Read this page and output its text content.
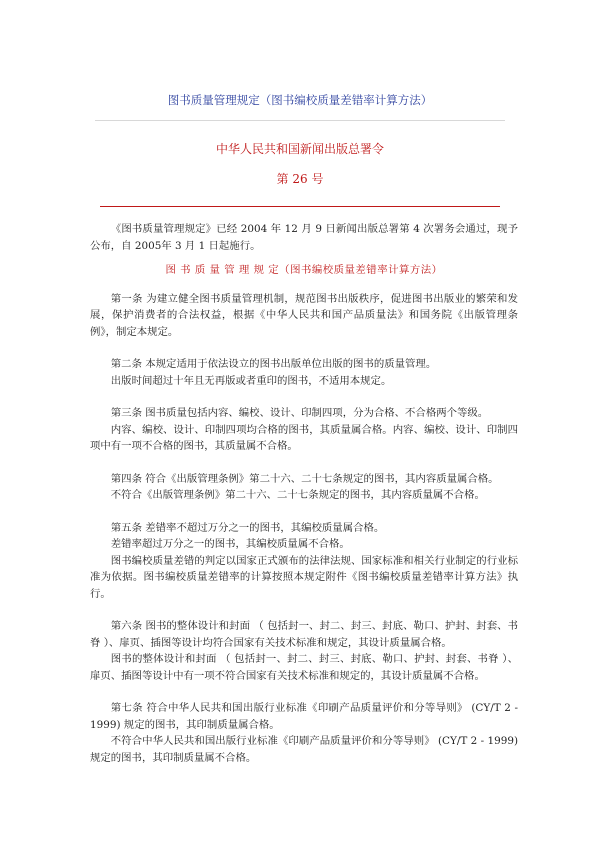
图书质量管理规定（图书编校质量差错率计算方法）
中华人民共和国新闻出版总署令
第 26 号

《图书质量管理规定》已经 2004 年 12 月 9 日新闻出版总署第 4 次署务会通过，现予公布，自 2005年 3 月 1 日起施行。

图 书 质 量 管 理 规 定（图书编校质量差错率计算方法）

第一条 为建立健全图书质量管理机制，规范图书出版秩序，促进图书出版业的繁荣和发展，保护消费者的合法权益，根据《中华人民共和国产品质量法》和国务院《出版管理条例》，制定本规定。

第二条 本规定适用于依法设立的图书出版单位出版的图书的质量管理。

出版时间超过十年且无再版或者重印的图书，不适用本规定。

第三条 图书质量包括内容、编校、设计、印制四项，分为合格、不合格两个等级。

内容、编校、设计、印制四项均合格的图书，其质量属合格。内容、编校、设计、印制四项中有一项不合格的图书，其质量属不合格。

第四条 符合《出版管理条例》第二十六、二十七条规定的图书，其内容质量属合格。

不符合《出版管理条例》第二十六、二十七条规定的图书，其内容质量属不合格。

第五条 差错率不超过万分之一的图书，其编校质量属合格。

差错率超过万分之一的图书，其编校质量属不合格。

图书编校质量差错的判定以国家正式颁布的法律法规、国家标准和相关行业制定的行业标准为依据。图书编校质量差错率的计算按照本规定附件《图书编校质量差错率计算方法》执行。

第六条 图书的整体设计和封面 （ 包括封一、封二、封三、封底、勒口、护封、封套、书脊 ）、扉页、插图等设计均符合国家有关技术标准和规定，其设计质量属合格。

图书的整体设计和封面 （ 包括封一、封二、封三、封底、勒口、护封、封套、书脊 ）、扉页、插图等设计中有一项不符合国家有关技术标准和规定的，其设计质量属不合格。

第七条 符合中华人民共和国出版行业标准《印刷产品质量评价和分等导则》 (CY/T 2 - 1999) 规定的图书，其印制质量属合格。

不符合中华人民共和国出版行业标准《印刷产品质量评价和分等导则》 (CY/T 2 - 1999) 规定的图书，其印制质量属不合格。
